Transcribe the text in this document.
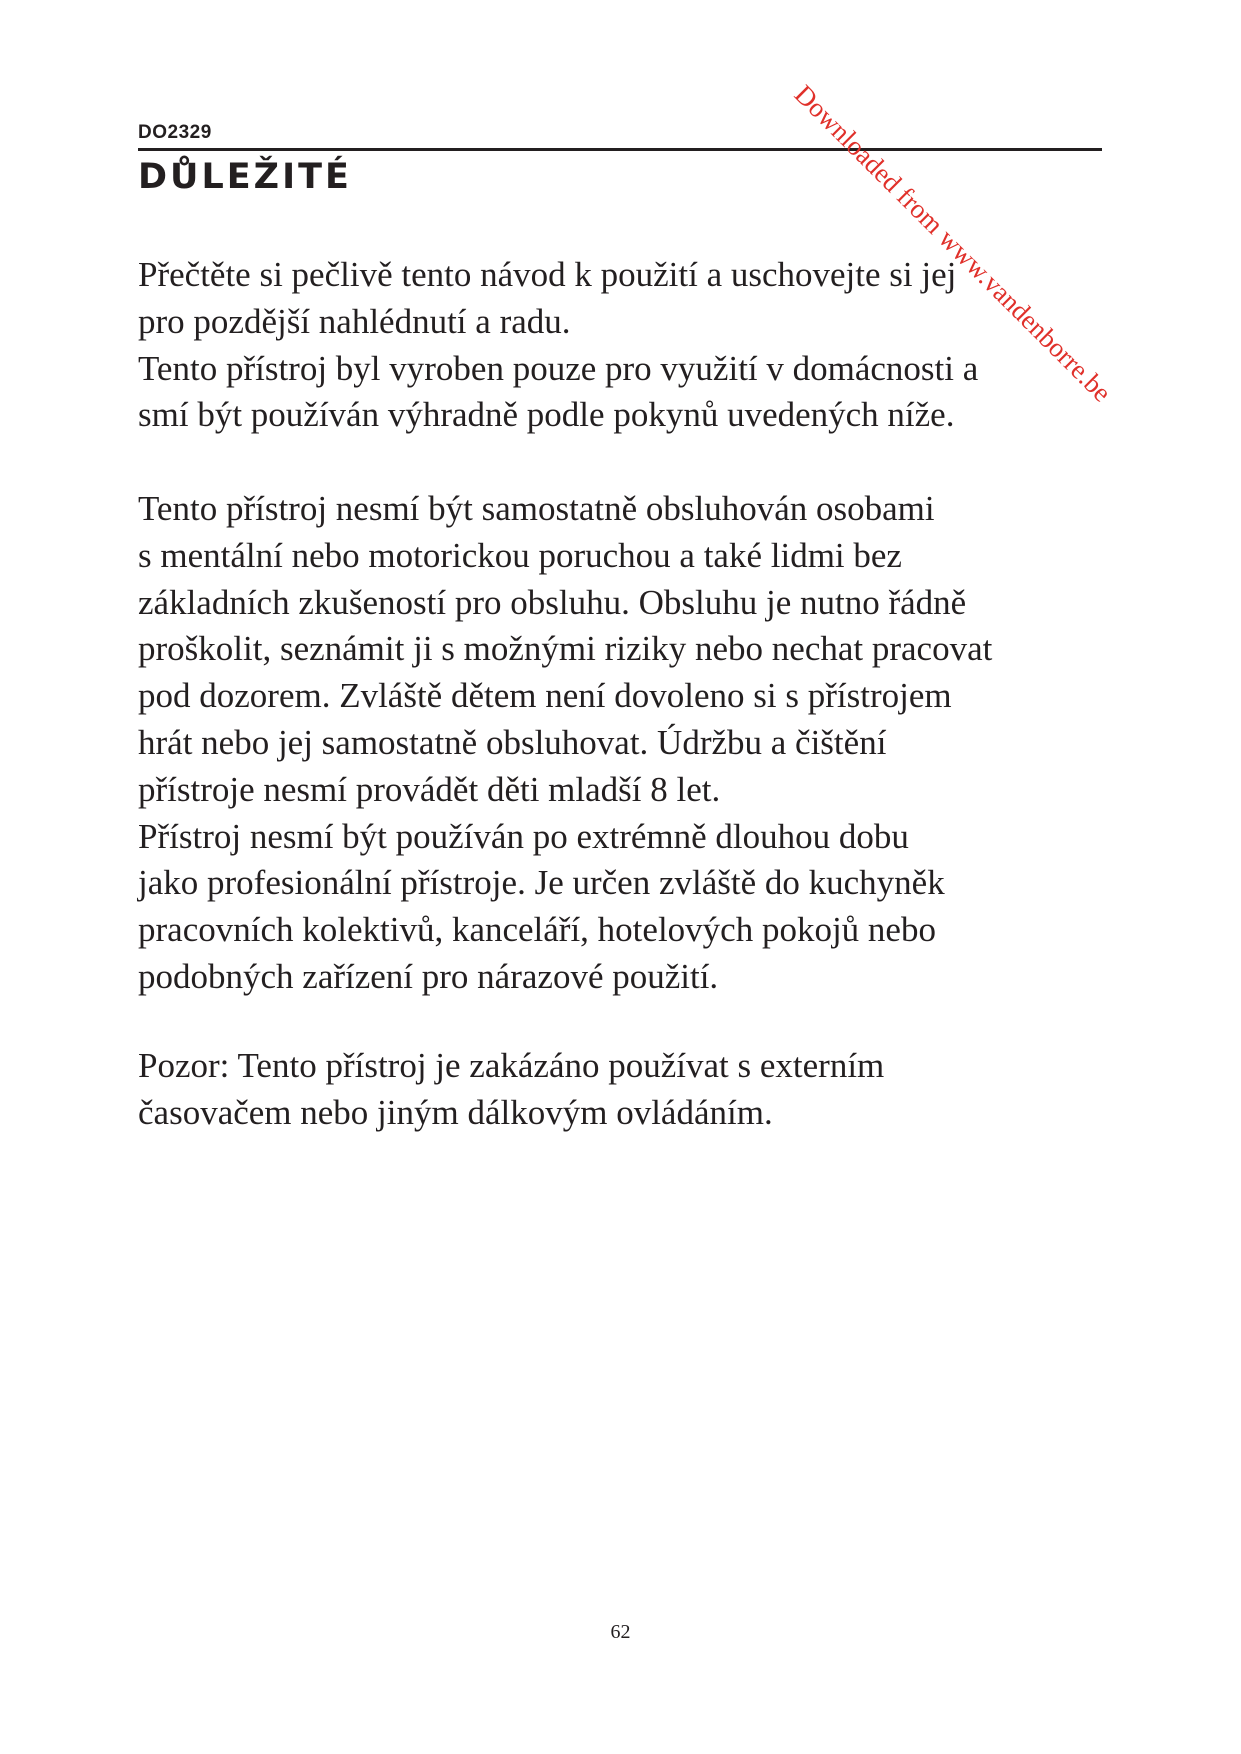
DO2329
DŮLEŽITÉ

Přečtěte si pečlivě tento návod k použití a uschovejte si jej
pro pozdější nahlédnutí a radu.
Tento přístroj byl vyroben pouze pro využití v domácnosti a
smí být používán výhradně podle pokynů uvedených níže.

Tento přístroj nesmí být samostatně obsluhován osobami
s mentální nebo motorickou poruchou a také lidmi bez
základních zkušeností pro obsluhu. Obsluhu je nutno řádně
proškolit, seznámit ji s možnými riziky nebo nechat pracovat
pod dozorem. Zvláště dětem není dovoleno si s přístrojem
hrát nebo jej samostatně obsluhovat. Údržbu a čištění
přístroje nesmí provádět děti mladší 8 let.
Přístroj nesmí být používán po extrémně dlouhou dobu
jako profesionální přístroje. Je určen zvláště do kuchyněk
pracovních kolektivů, kanceláří, hotelových pokojů nebo
podobných zařízení pro nárazové použití.

Pozor: Tento přístroj je zakázáno používat s externím
časovačem nebo jiným dálkovým ovládáním.

62
Downloaded from www.vandenborre.be
